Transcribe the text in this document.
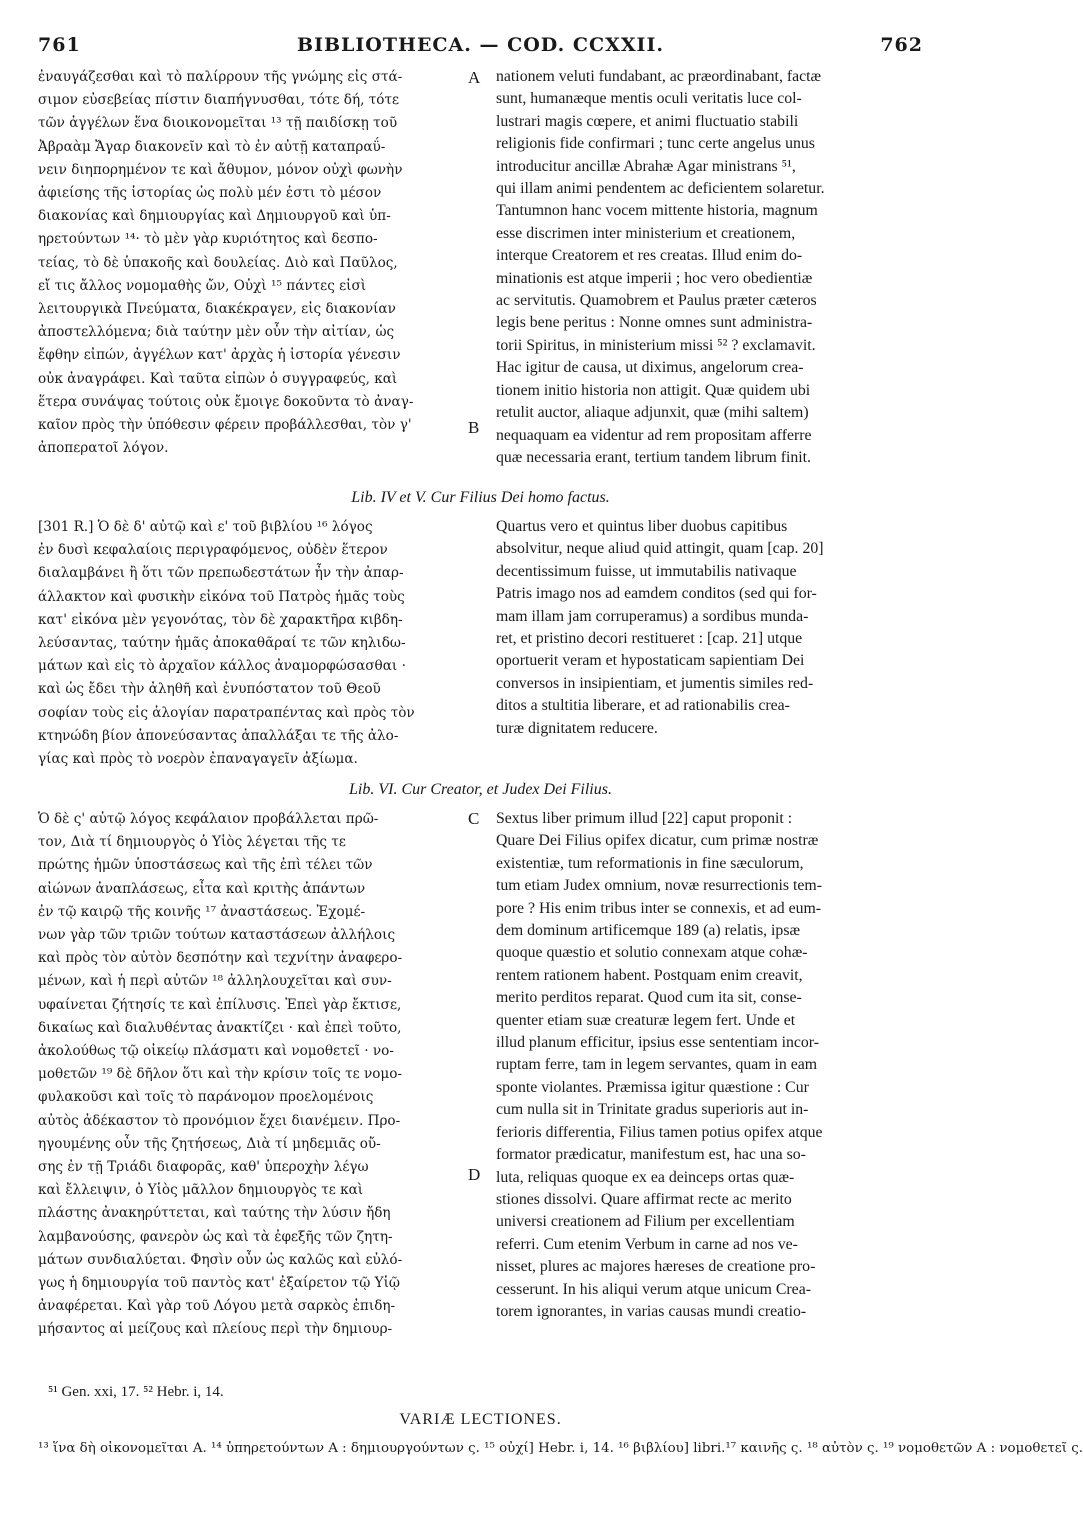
761	BIBLIOTHECA. — COD. CCXXII.	762
ἐναυγάζεσθαι καὶ τὸ παλίρρουν τῆς γνώμης εἰς στά-
σιμον εὐσεβείας πίστιν διαπήγνυσθαι, τότε δή, τότε
τῶν ἀγγέλων ἕνα διοικονομεῖται ¹³ τῇ παιδίσκῃ τοῦ
Ἀβραὰμ Ἄγαρ διακονεῖν καὶ τὸ ἐν αὐτῇ καταπραΰ-
νειν διηπορημένον τε καὶ ἄθυμον, μόνον οὐχὶ φωνὴν
ἀφιείσης τῆς ἱστορίας ὡς πολὺ μέν ἐστι τὸ μέσον
διακονίας καὶ δημιουργίας καὶ Δημιουργοῦ καὶ ὑπ-
ηρετούντων ¹⁴· τὸ μὲν γὰρ κυριότητος καὶ δεσπο-
τείας, τὸ δὲ ὑπακοῆς καὶ δουλείας. Διὸ καὶ Παῦλος,
εἴ τις ἄλλος νομομαθὴς ὤν, Οὐχὶ ¹⁵ πάντες εἰσὶ
λειτουργικὰ Πνεύματα, διακέκραγεν, εἰς διακονίαν
ἀποστελλόμενα; διὰ ταύτην μὲν οὖν τὴν αἰτίαν, ὡς
ἔφθην εἰπών, ἀγγέλων κατ' ἀρχὰς ἡ ἱστορία γένεσιν
οὐκ ἀναγράφει. Καὶ ταῦτα εἰπὼν ὁ συγγραφεύς, καὶ
ἕτερα συνάψας τούτοις οὐκ ἔμοιγε δοκοῦντα τὸ ἀναγ-
καῖον πρὸς τὴν ὑπόθεσιν φέρειν προβάλλεσθαι, τὸν γ'
ἀποπερατοῖ λόγον.
nationem veluti fundabant, ac præordinabant, factæ
sunt, humanæque mentis oculi veritatis luce col-
lustrari magis cœpere, et animi fluctuatio stabili
religionis fide confirmari ; tunc certe angelus unus
introducitur ancillæ Abrahæ Agar ministrans ⁵¹,
qui illam animi pendentem ac deficientem solaretur.
Tantumnon hanc vocem mittente historia, magnum
esse discrimen inter ministerium et creationem,
interque Creatorem et res creatas. Illud enim do-
minationis est atque imperii ; hoc vero obedientiæ
ac servitutis. Quamobrem et Paulus præter cæteros
legis bene peritus : Nonne omnes sunt administra-
torii Spiritus, in ministerium missi ⁵² ? exclamavit.
Hac igitur de causa, ut diximus, angelorum crea-
tionem initio historia non attigit. Quæ quidem ubi
retulit auctor, aliaque adjunxit, quæ (mihi saltem)
nequaquam ea videntur ad rem propositam afferre
quæ necessaria erant, tertium tandem librum finit.
A
B
Lib. IV et V. Cur Filius Dei homo factus.
[301 R.] Ὁ δὲ δ' αὐτῷ καὶ ε' τοῦ βιβλίου ¹⁶ λόγος
ἐν δυσὶ κεφαλαίοις περιγραφόμενος, οὐδὲν ἕτερον
διαλαμβάνει ἢ ὅτι τῶν πρεπωδεστάτων ἦν τὴν ἀπαρ-
άλλακτον καὶ φυσικὴν εἰκόνα τοῦ Πατρὸς ἡμᾶς τοὺς
κατ' εἰκόνα μὲν γεγονότας, τὸν δὲ χαρακτῆρα κιβδη-
λεύσαντας, ταύτην ἡμᾶς ἀποκαθᾶραί τε τῶν κηλιδω-
μάτων καὶ εἰς τὸ ἀρχαῖον κάλλος ἀναμορφώσασθαι ·
καὶ ὡς ἔδει τὴν ἀληθῆ καὶ ἐνυπόστατον τοῦ Θεοῦ
σοφίαν τοὺς εἰς ἀλογίαν παρατραπέντας καὶ πρὸς τὸν
κτηνώδη βίον ἀπονεύσαντας ἀπαλλάξαι τε τῆς ἀλο-
γίας καὶ πρὸς τὸ νοερὸν ἐπαναγαγεῖν ἀξίωμα.
Quartus vero et quintus liber duobus capitibus
absolvitur, neque aliud quid attingit, quam [cap. 20]
decentissimum fuisse, ut immutabilis nativaque
Patris imago nos ad eamdem conditos (sed qui for-
mam illam jam corruperamus) a sordibus munda-
ret, et pristino decori restitueret : [cap. 21] utque
oportuerit veram et hypostaticam sapientiam Dei
conversos in insipientiam, et jumentis similes red-
ditos a stultitia liberare, et ad rationabilis crea-
turæ dignitatem reducere.
Lib. VI. Cur Creator, et Judex Dei Filius.
Ὁ δὲ ς' αὐτῷ λόγος κεφάλαιον προβάλλεται πρῶ-
τον, Διὰ τί δημιουργὸς ὁ Υἱὸς λέγεται τῆς τε
πρώτης ἡμῶν ὑποστάσεως καὶ τῆς ἐπὶ τέλει τῶν
αἰώνων ἀναπλάσεως, εἶτα καὶ κριτὴς ἁπάντων
ἐν τῷ καιρῷ τῆς κοινῆς ¹⁷ ἀναστάσεως. Ἐχομέ-
νων γὰρ τῶν τριῶν τούτων καταστάσεων ἀλλήλοις
καὶ πρὸς τὸν αὐτὸν δεσπότην καὶ τεχνίτην ἀναφερο-
μένων, καὶ ἡ περὶ αὐτῶν ¹⁸ ἀλληλουχεῖται καὶ συν-
υφαίνεται ζήτησίς τε καὶ ἐπίλυσις. Ἐπεὶ γὰρ ἔκτισε,
δικαίως καὶ διαλυθέντας ἀνακτίζει · καὶ ἐπεὶ τοῦτο,
ἀκολούθως τῷ οἰκείῳ πλάσματι καὶ νομοθετεῖ · νο-
μοθετῶν ¹⁹ δὲ δῆλον ὅτι καὶ τὴν κρίσιν τοῖς τε νομο-
φυλακοῦσι καὶ τοῖς τὸ παράνομον προελομένοις
αὐτὸς ἀδέκαστον τὸ προνόμιον ἔχει διανέμειν. Προ-
ηγουμένης οὖν τῆς ζητήσεως, Διὰ τί μηδεμιᾶς οὔ-
σης ἐν τῇ Τριάδι διαφορᾶς, καθ' ὑπεροχὴν λέγω
καὶ ἔλλειψιν, ὁ Υἱὸς μᾶλλον δημιουργὸς τε καὶ
πλάστης ἀνακηρύττεται, καὶ ταύτης τὴν λύσιν ἤδη
λαμβανούσης, φανερὸν ὡς καὶ τὰ ἐφεξῆς τῶν ζητη-
μάτων συνδιαλύεται. Φησὶν οὖν ὡς καλῶς καὶ εὐλό-
γως ἡ δημιουργία τοῦ παντὸς κατ' ἐξαίρετον τῷ Υἱῷ
ἀναφέρεται. Καὶ γὰρ τοῦ Λόγου μετὰ σαρκὸς ἐπιδη-
μήσαντος αἱ μείζους καὶ πλείους περὶ τὴν δημιουρ-
Sextus liber primum illud [22] caput proponit :
Quare Dei Filius opifex dicatur, cum primæ nostræ
existentiæ, tum reformationis in fine sæculorum,
tum etiam Judex omnium, novæ resurrectionis tem-
pore ? His enim tribus inter se connexis, et ad eum-
dem dominum artificemque 189 (a) relatis, ipsæ
quoque quæstio et solutio connexam atque cohæ-
rentem rationem habent. Postquam enim creavit,
merito perditos reparat. Quod cum ita sit, conse-
quenter etiam suæ creaturæ legem fert. Unde et
illud planum efficitur, ipsius esse sententiam incor-
ruptam ferre, tam in legem servantes, quam in eam
sponte violantes. Præmissa igitur quæstione : Cur
cum nulla sit in Trinitate gradus superioris aut in-
ferioris differentia, Filius tamen potius opifex atque
formator prædicatur, manifestum est, hac una so-
luta, reliquas quoque ex ea deinceps ortas quæ-
stiones dissolvi. Quare affirmat recte ac merito
universi creationem ad Filium per excellentiam
referri. Cum etenim Verbum in carne ad nos ve-
nisset, plures ac majores hæreses de creatione pro-
cesserunt. In his aliqui verum atque unicum Crea-
torem ignorantes, in varias causas mundi creatio-
C
D
⁵¹ Gen. xxi, 17. ⁵² Hebr. i, 14.
VARIÆ LECTIONES.
¹³ ἵνα δὴ οἰκονομεῖται A. ¹⁴ ὑπηρετούντων A : δημιουργούντων ς. ¹⁵ οὐχί] Hebr. i, 14. ¹⁶ βιβλίου] libri.¹⁷ καινῆς ς. ¹⁸ αὐτὸν ς. ¹⁹ νομοθετῶν A : νομοθετεῖ ς.
